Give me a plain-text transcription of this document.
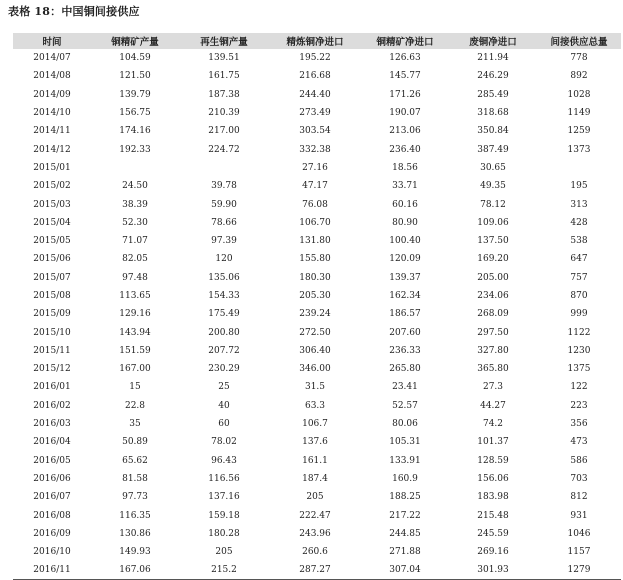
表格 18：中国铜间接供应
时间	铜精矿产量	再生铜产量	精炼铜净进口	铜精矿净进口	废铜净进口	间接供应总量
2014/07	104.59	139.51	195.22	126.63	211.94	778
2014/08	121.50	161.75	216.68	145.77	246.29	892
2014/09	139.79	187.38	244.40	171.26	285.49	1028
2014/10	156.75	210.39	273.49	190.07	318.68	1149
2014/11	174.16	217.00	303.54	213.06	350.84	1259
2014/12	192.33	224.72	332.38	236.40	387.49	1373
2015/01			27.16	18.56	30.65	
2015/02	24.50	39.78	47.17	33.71	49.35	195
2015/03	38.39	59.90	76.08	60.16	78.12	313
2015/04	52.30	78.66	106.70	80.90	109.06	428
2015/05	71.07	97.39	131.80	100.40	137.50	538
2015/06	82.05	120	155.80	120.09	169.20	647
2015/07	97.48	135.06	180.30	139.37	205.00	757
2015/08	113.65	154.33	205.30	162.34	234.06	870
2015/09	129.16	175.49	239.24	186.57	268.09	999
2015/10	143.94	200.80	272.50	207.60	297.50	1122
2015/11	151.59	207.72	306.40	236.33	327.80	1230
2015/12	167.00	230.29	346.00	265.80	365.80	1375
2016/01	15	25	31.5	23.41	27.3	122
2016/02	22.8	40	63.3	52.57	44.27	223
2016/03	35	60	106.7	80.06	74.2	356
2016/04	50.89	78.02	137.6	105.31	101.37	473
2016/05	65.62	96.43	161.1	133.91	128.59	586
2016/06	81.58	116.56	187.4	160.9	156.06	703
2016/07	97.73	137.16	205	188.25	183.98	812
2016/08	116.35	159.18	222.47	217.22	215.48	931
2016/09	130.86	180.28	243.96	244.85	245.59	1046
2016/10	149.93	205	260.6	271.88	269.16	1157
2016/11	167.06	215.2	287.27	307.04	301.93	1279
